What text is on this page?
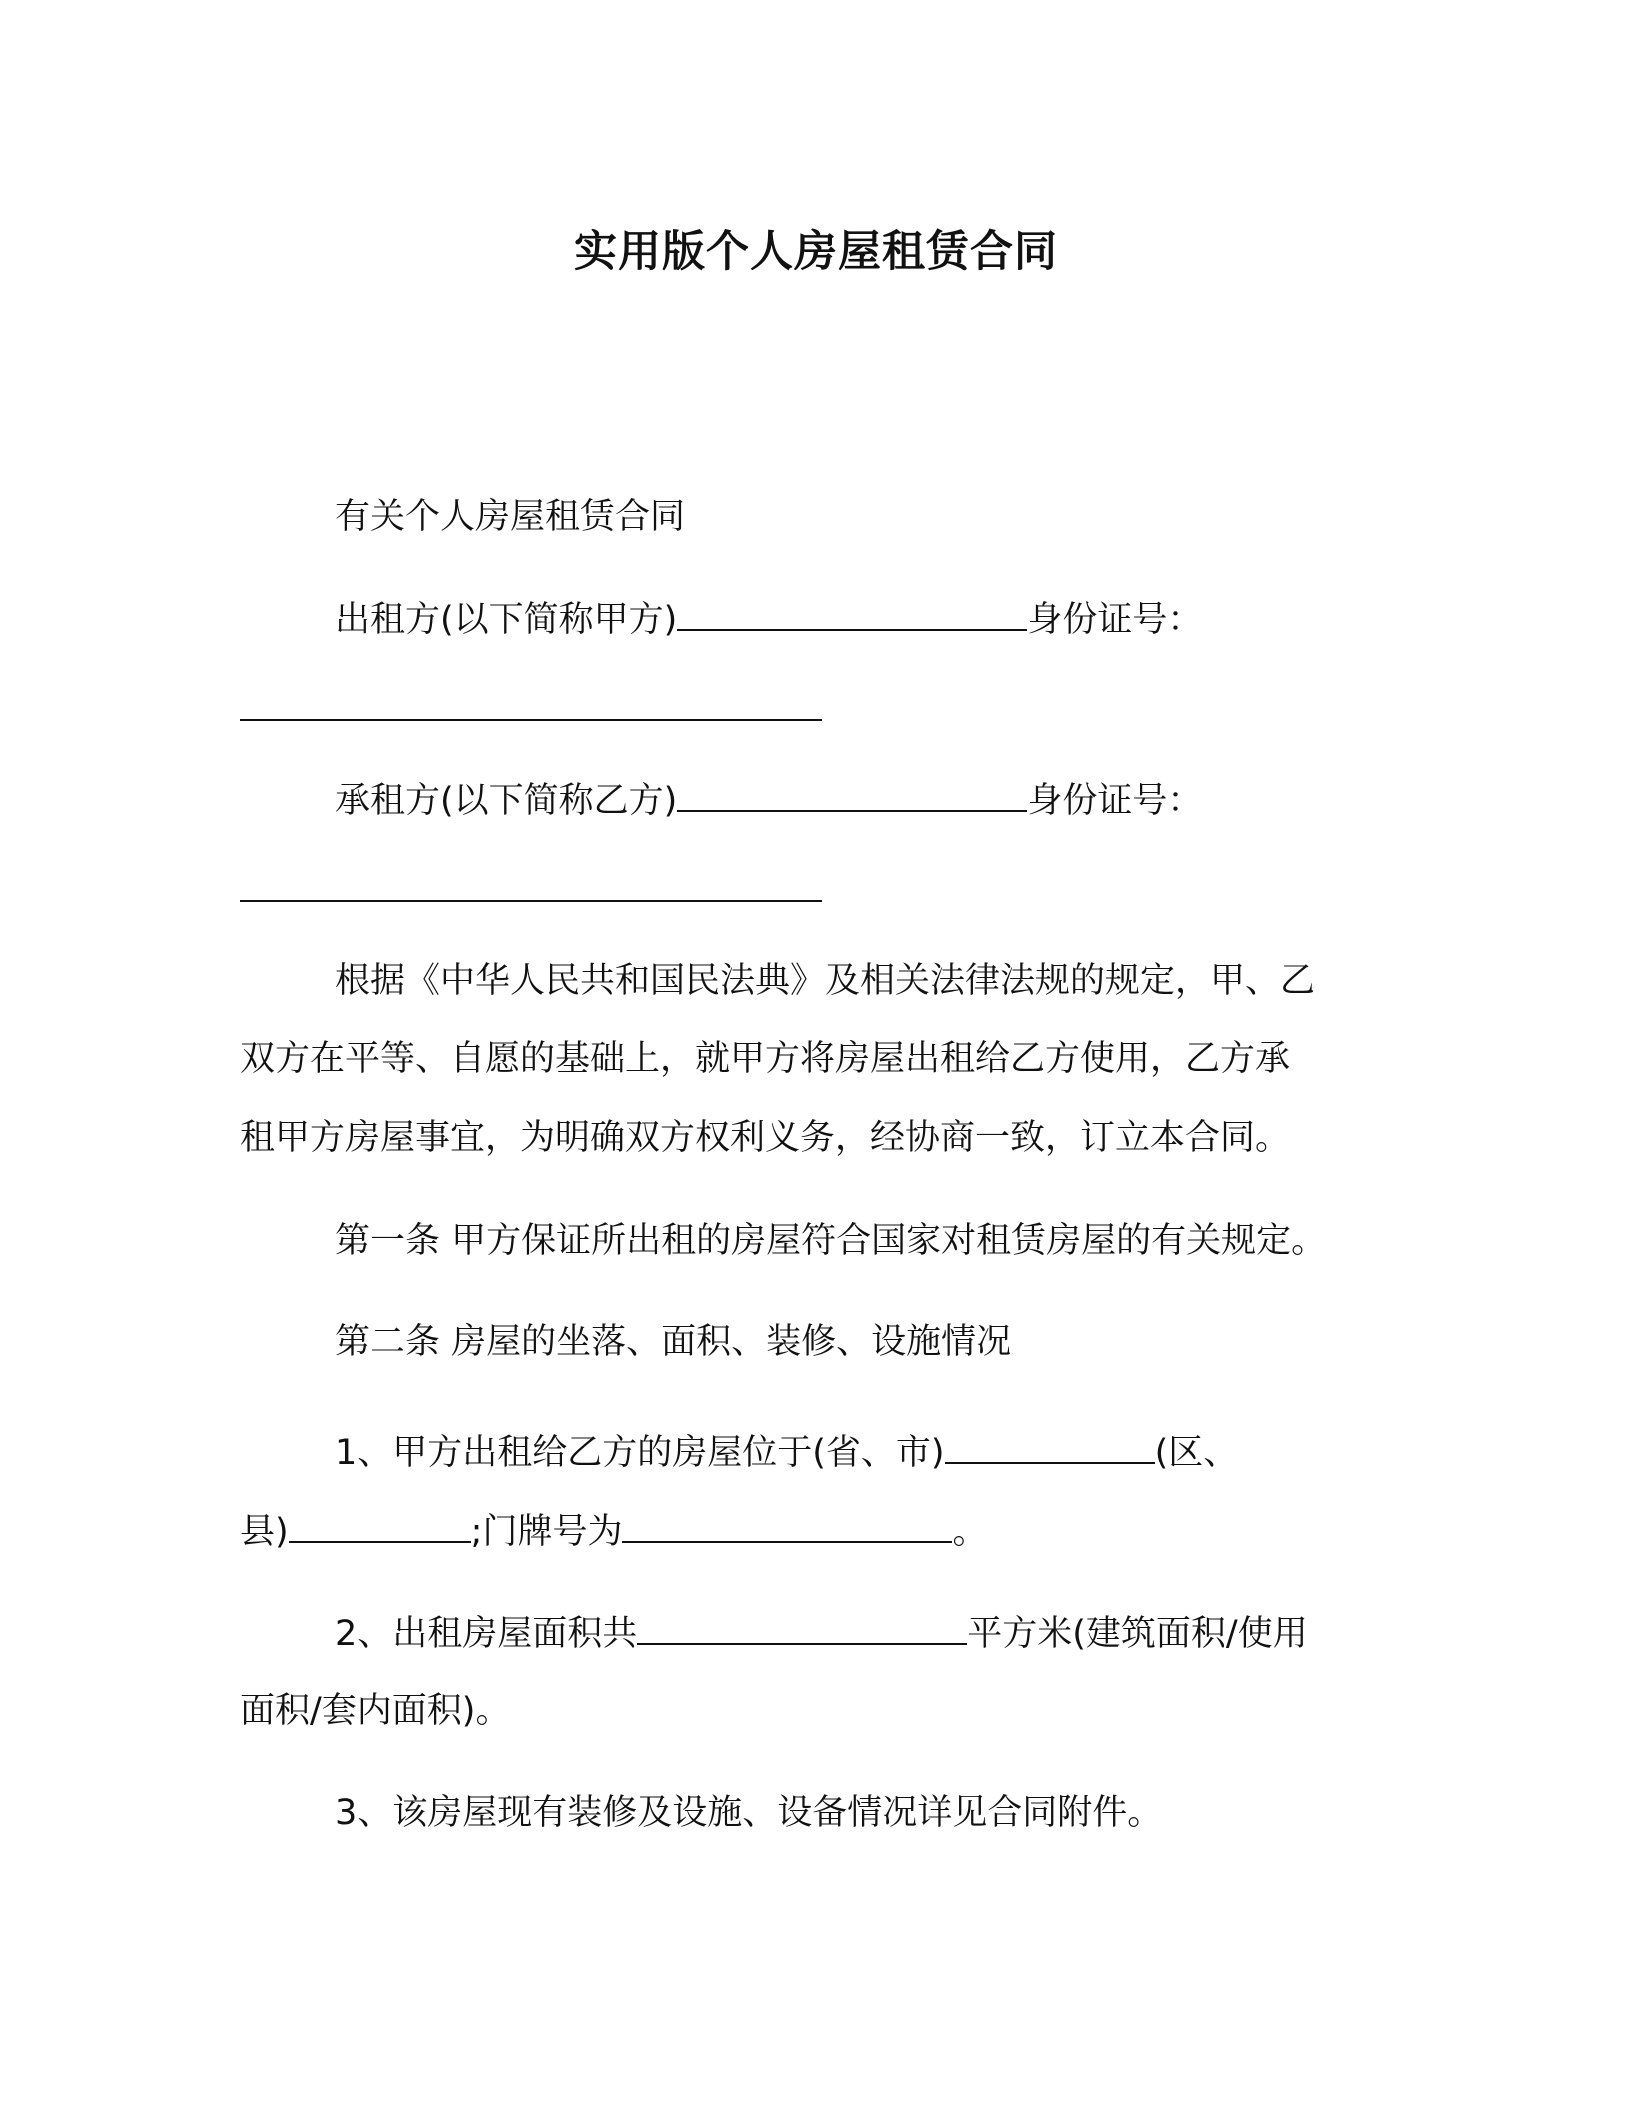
实用版个人房屋租赁合同
有关个人房屋租赁合同
出租方(以下简称甲方)	身份证号：
承租方(以下简称乙方)	身份证号：
根据《中华人民共和国民法典》及相关法律法规的规定，甲、乙
双方在平等、自愿的基础上，就甲方将房屋出租给乙方使用，乙方承
租甲方房屋事宜，为明确双方权利义务，经协商一致，订立本合同。
第一条 甲方保证所出租的房屋符合国家对租赁房屋的有关规定。
第二条 房屋的坐落、面积、装修、设施情况
1、甲方出租给乙方的房屋位于(省、市)	(区、
县)	;门牌号为	。
2、出租房屋面积共	平方米(建筑面积/使用
面积/套内面积)。
3、该房屋现有装修及设施、设备情况详见合同附件。
